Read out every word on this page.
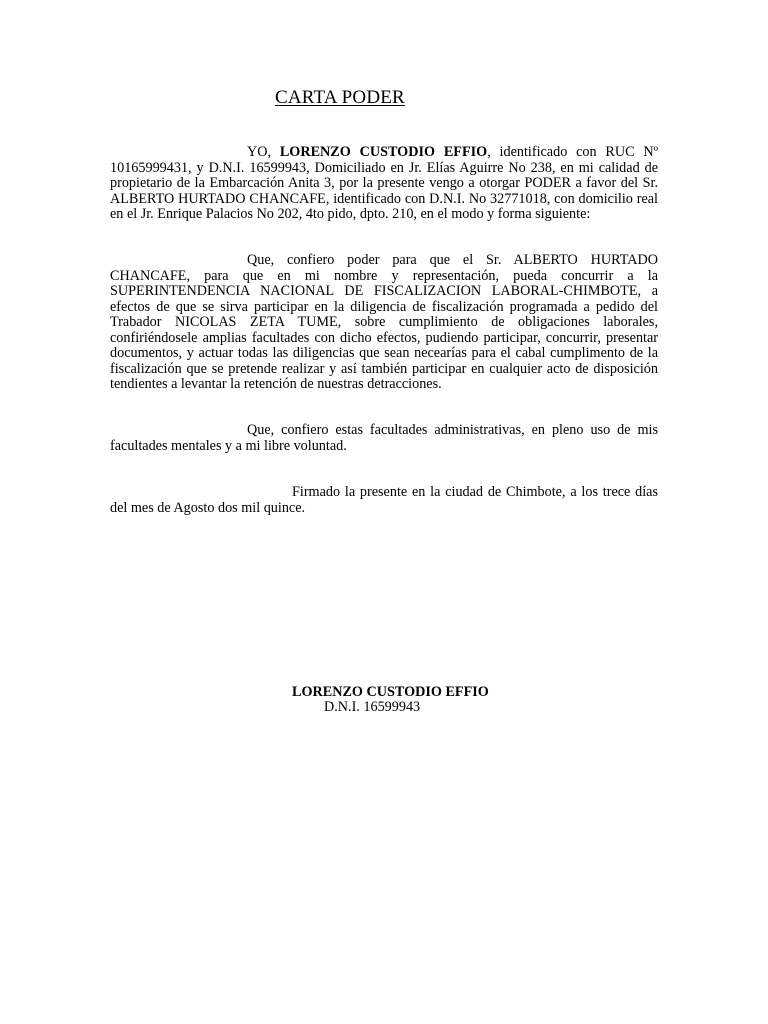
CARTA PODER

YO, LORENZO CUSTODIO EFFIO, identificado con RUC Nº 10165999431, y D.N.I. 16599943, Domiciliado en Jr. Elías Aguirre No 238, en mi calidad de propietario de la Embarcación Anita 3, por la presente vengo a otorgar PODER a favor del Sr. ALBERTO HURTADO CHANCAFE, identificado con D.N.I. No 32771018, con domicilio real en el Jr. Enrique Palacios No 202, 4to pido, dpto. 210, en el modo y forma siguiente:

Que, confiero poder para que el Sr. ALBERTO HURTADO CHANCAFE, para que en mi nombre y representación, pueda concurrir a la SUPERINTENDENCIA NACIONAL DE FISCALIZACION LABORAL-CHIMBOTE, a efectos de que se sirva participar en la diligencia de fiscalización programada a pedido del Trabador NICOLAS ZETA TUME, sobre cumplimiento de obligaciones laborales, confiriéndosele amplias facultades con dicho efectos, pudiendo participar, concurrir, presentar documentos, y actuar todas las diligencias que sean necearías para el cabal cumplimento de la fiscalización que se pretende realizar y así también participar en cualquier acto de disposición tendientes a levantar la retención de nuestras detracciones.

Que, confiero estas facultades administrativas, en pleno uso de mis facultades mentales y a mi libre voluntad.

Firmado la presente en la ciudad de Chimbote, a los trece días del mes de Agosto dos mil quince.

LORENZO CUSTODIO EFFIO
D.N.I. 16599943
